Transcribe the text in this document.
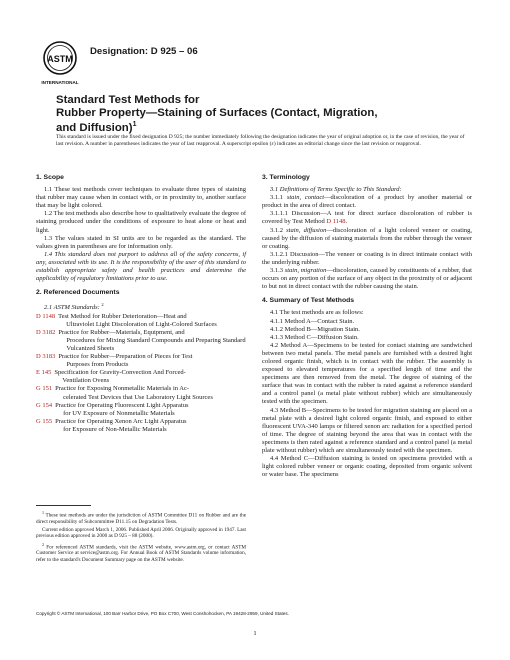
ASTM
INTERNATIONAL
Designation: D 925 – 06
Standard Test Methods for
Rubber Property—Staining of Surfaces (Contact, Migration,
and Diffusion)$^1$
This standard is issued under the fixed designation D 925; the number immediately following the designation indicates the year of original adoption or, in the case of revision, the year of last revision. A number in parentheses indicates the year of last reapproval. A superscript epsilon (ε) indicates an editorial change since the last revision or reapproval.
1. Scope

1.1 These test methods cover techniques to evaluate three types of staining that rubber may cause when in contact with, or in proximity to, another surface that may be light colored.

1.2 The test methods also describe how to qualitatively evaluate the degree of staining produced under the conditions of exposure to heat alone or heat and light.

1.3 The values stated in SI units are to be regarded as the standard. The values given in parentheses are for information only.

1.4 This standard does not purport to address all of the safety concerns, if any, associated with its use. It is the responsibility of the user of this standard to establish appropriate safety and health practices and determine the applicability of regulatory limitations prior to use.

2. Referenced Documents

2.1 ASTM Standards: $^2$

D 1148 Test Method for Rubber Deterioration—Heat and
Ultraviolet Light Discoloration of Light-Colored Surfaces
D 3182 Practice for Rubber—Materials, Equipment, and
Procedures for Mixing Standard Compounds and Preparing Standard Vulcanized Sheets
D 3183 Practice for Rubber—Preparation of Pieces for Test
Purposes from Products
E 145 Specification for Gravity-Convection And Forced-
Ventilation Ovens
G 151 Practice for Exposing Nonmetallic Materials in Ac-
celerated Test Devices that Use Laboratory Light Sources
G 154 Practice for Operating Fluorescent Light Apparatus
for UV Exposure of Nonmetallic Materials
G 155 Practice for Operating Xenon Arc Light Apparatus
for Exposure of Non-Metallic Materials

$^1$ These test methods are under the jurisdiction of ASTM Committee D11 on Rubber and are the direct responsibility of Subcommittee D11.15 on Degradation Tests.

Current edition approved March 1, 2006. Published April 2006. Originally approved in 1947. Last previous edition approved in 2000 as D 925 – 88 (2000).

$^2$ For referenced ASTM standards, visit the ASTM website, www.astm.org, or contact ASTM Customer Service at service@astm.org. For Annual Book of ASTM Standards volume information, refer to the standard's Document Summary page on the ASTM website.

3. Terminology

3.1 Definitions of Terms Specific to This Standard:

3.1.1 stain, contact—discoloration of a product by another material or product in the area of direct contact.

3.1.1.1 Discussion—A test for direct surface discoloration of rubber is covered by Test Method D 1148.

3.1.2 stain, diffusion—discoloration of a light colored veneer or coating, caused by the diffusion of staining materials from the rubber through the veneer or coating.

3.1.2.1 Discussion—The veneer or coating is in direct intimate contact with the underlying rubber.

3.1.3 stain, migration—discoloration, caused by constituents of a rubber, that occurs on any portion of the surface of any object in the proximity of or adjacent to but not in direct contact with the rubber causing the stain.

4. Summary of Test Methods

4.1 The test methods are as follows:

4.1.1 Method A—Contact Stain.

4.1.2 Method B—Migration Stain.

4.1.3 Method C—Diffusion Stain.

4.2 Method A—Specimens to be tested for contact staining are sandwiched between two metal panels. The metal panels are furnished with a desired light colored organic finish, which is in contact with the rubber. The assembly is exposed to elevated temperatures for a specified length of time and the specimens are then removed from the metal. The degree of staining of the surface that was in contact with the rubber is rated against a reference standard and a control panel (a metal plate without rubber) which are simultaneously tested with the specimen.

4.3 Method B—Specimens to be tested for migration staining are placed on a metal plate with a desired light colored organic finish, and exposed to either fluorescent UVA-340 lamps or filtered xenon arc radiation for a specified period of time. The degree of staining beyond the area that was in contact with the specimens is then rated against a reference standard and a control panel (a metal plate without rubber) which are simultaneously tested with the specimen.

4.4 Method C—Diffusion staining is tested on specimens provided with a light colored rubber veneer or organic coating, deposited from organic solvent or water base. The specimens

Copyright © ASTM International, 100 Barr Harbor Drive, PO Box C700, West Conshohocken, PA 19428-2959, United States.
1
